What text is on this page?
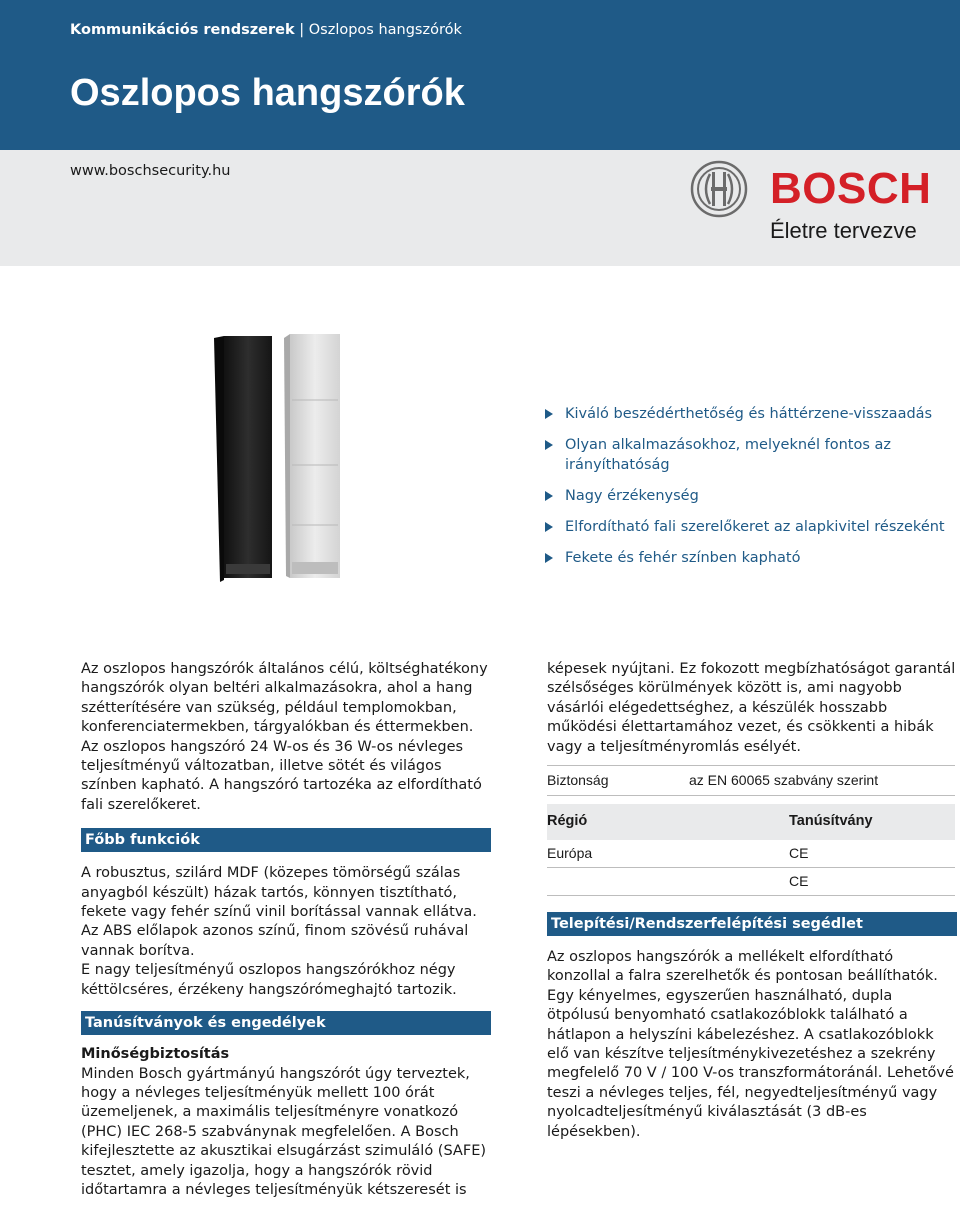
Kommunikációs rendszerek | Oszlopos hangszórók
Oszlopos hangszórók
www.boschsecurity.hu	BOSCH
Életre tervezve
Kiváló beszédérthetőség és háttérzene-visszaadás
Olyan alkalmazásokhoz, melyeknél fontos az irányíthatóság
Nagy érzékenység
Elfordítható fali szerelőkeret az alapkivitel részeként
Fekete és fehér színben kapható

Az oszlopos hangszórók általános célú, költséghatékony hangszórók olyan beltéri alkalmazásokra, ahol a hang szétterítésére van szükség, például templomokban, konferenciatermekben, tárgyalókban és éttermekben. Az oszlopos hangszóró 24 W-os és 36 W-os névleges teljesítményű változatban, illetve sötét és világos színben kapható. A hangszóró tartozéka az elfordítható fali szerelőkeret.

Főbb funkciók

A robusztus, szilárd MDF (közepes tömörségű szálas anyagból készült) házak tartós, könnyen tisztítható, fekete vagy fehér színű vinil borítással vannak ellátva. Az ABS előlapok azonos színű, finom szövésű ruhával vannak borítva.

E nagy teljesítményű oszlopos hangszórókhoz négy kéttölcséres, érzékeny hangszórómeghajtó tartozik.

Tanúsítványok és engedélyek

Minőségbiztosítás

Minden Bosch gyártmányú hangszórót úgy terveztek, hogy a névleges teljesítményük mellett 100 órát üzemeljenek, a maximális teljesítményre vonatkozó (PHC) IEC 268-5 szabványnak megfelelően. A Bosch kifejlesztette az akusztikai elsugárzást szimuláló (SAFE) tesztet, amely igazolja, hogy a hangszórók rövid időtartamra a névleges teljesítményük kétszeresét is

képesek nyújtani. Ez fokozott megbízhatóságot garantál szélsőséges körülmények között is, ami nagyobb vásárlói elégedettséghez, a készülék hosszabb működési élettartamához vezet, és csökkenti a hibák vagy a teljesítményromlás esélyét.

Biztonság	az EN 60065 szabvány szerint

Régió	Tanúsítvány
Európa	CE
	CE
Telepítési/Rendszerfelépítési segédlet

Az oszlopos hangszórók a mellékelt elfordítható konzollal a falra szerelhetők és pontosan beállíthatók. Egy kényelmes, egyszerűen használható, dupla ötpólusú benyomható csatlakozóblokk található a hátlapon a helyszíni kábelezéshez. A csatlakozóblokk elő van készítve teljesítménykivezetéshez a szekrény megfelelő 70 V / 100 V-os transzformátoránál. Lehetővé teszi a névleges teljes, fél, negyedteljesítményű vagy nyolcadteljesítményű kiválasztását (3 dB-es lépésekben).
